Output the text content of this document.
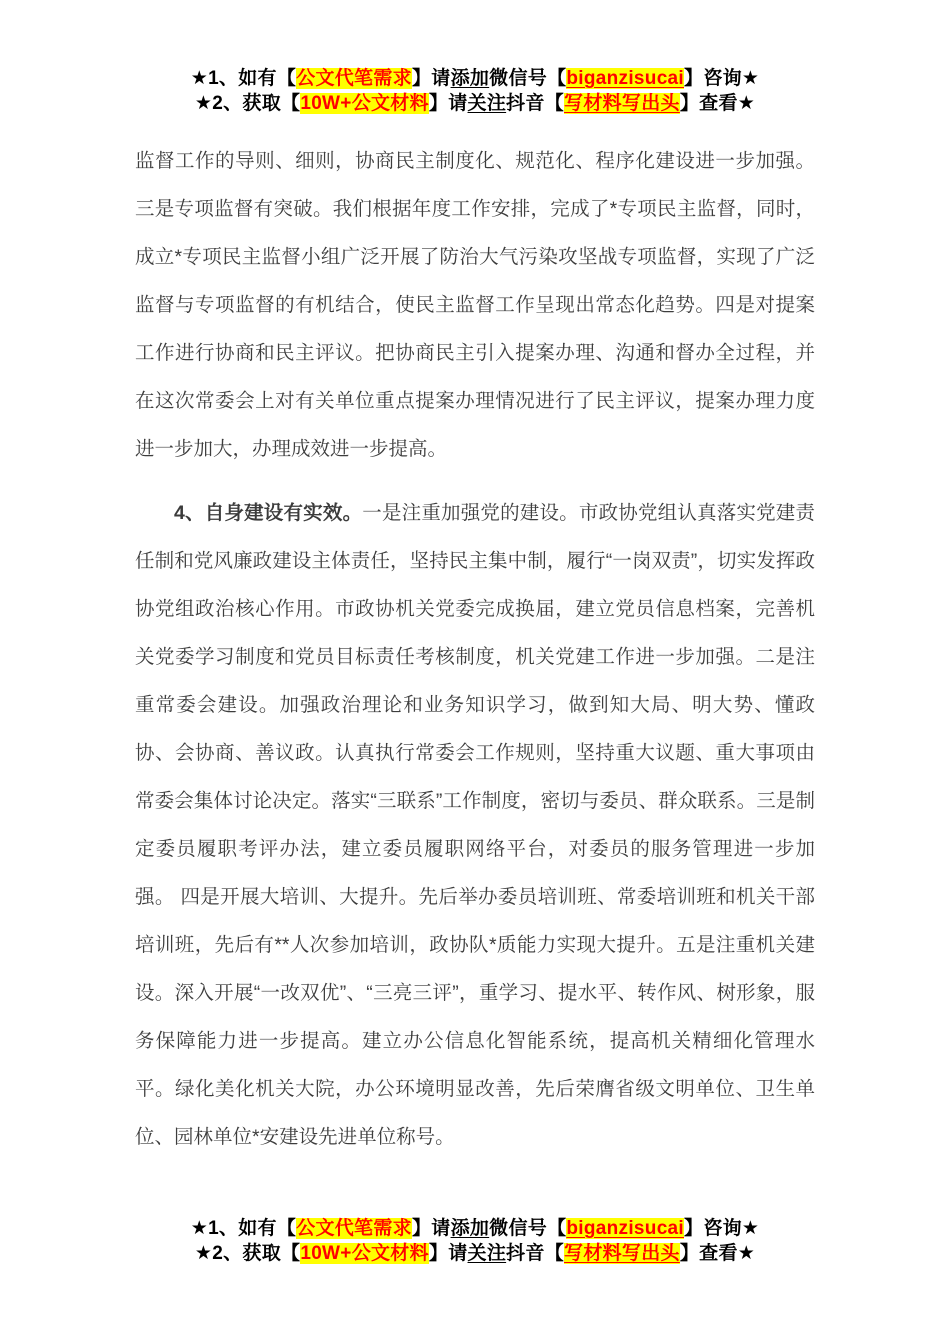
★1、如有【公文代笔需求】请添加微信号【biganzisucai】咨询★
★2、获取【10W+公文材料】请关注抖音【写材料写出头】查看★

监督工作的导则、细则，协商民主制度化、规范化、程序化建设进一步加强。三是专项监督有突破。我们根据年度工作安排，完成了*专项民主监督，同时，成立*专项民主监督小组广泛开展了防治大气污染攻坚战专项监督，实现了广泛监督与专项监督的有机结合，使民主监督工作呈现出常态化趋势。四是对提案工作进行协商和民主评议。把协商民主引入提案办理、沟通和督办全过程，并在这次常委会上对有关单位重点提案办理情况进行了民主评议，提案办理力度进一步加大，办理成效进一步提高。

4、自身建设有实效。一是注重加强党的建设。市政协党组认真落实党建责任制和党风廉政建设主体责任，坚持民主集中制，履行“一岗双责”，切实发挥政协党组政治核心作用。市政协机关党委完成换届，建立党员信息档案，完善机关党委学习制度和党员目标责任考核制度，机关党建工作进一步加强。二是注重常委会建设。加强政治理论和业务知识学习，做到知大局、明大势、懂政协、会协商、善议政。认真执行常委会工作规则，坚持重大议题、重大事项由常委会集体讨论决定。落实“三联系”工作制度，密切与委员、群众联系。三是制定委员履职考评办法，建立委员履职网络平台，对委员的服务管理进一步加强。 四是开展大培训、大提升。先后举办委员培训班、常委培训班和机关干部培训班，先后有**人次参加培训，政协队*质能力实现大提升。五是注重机关建设。深入开展“一改双优”、“三亮三评”，重学习、提水平、转作风、树形象，服务保障能力进一步提高。建立办公信息化智能系统，提高机关精细化管理水平。绿化美化机关大院，办公环境明显改善，先后荣膺省级文明单位、卫生单位、园林单位*安建设先进单位称号。

★1、如有【公文代笔需求】请添加微信号【biganzisucai】咨询★
★2、获取【10W+公文材料】请关注抖音【写材料写出头】查看★
